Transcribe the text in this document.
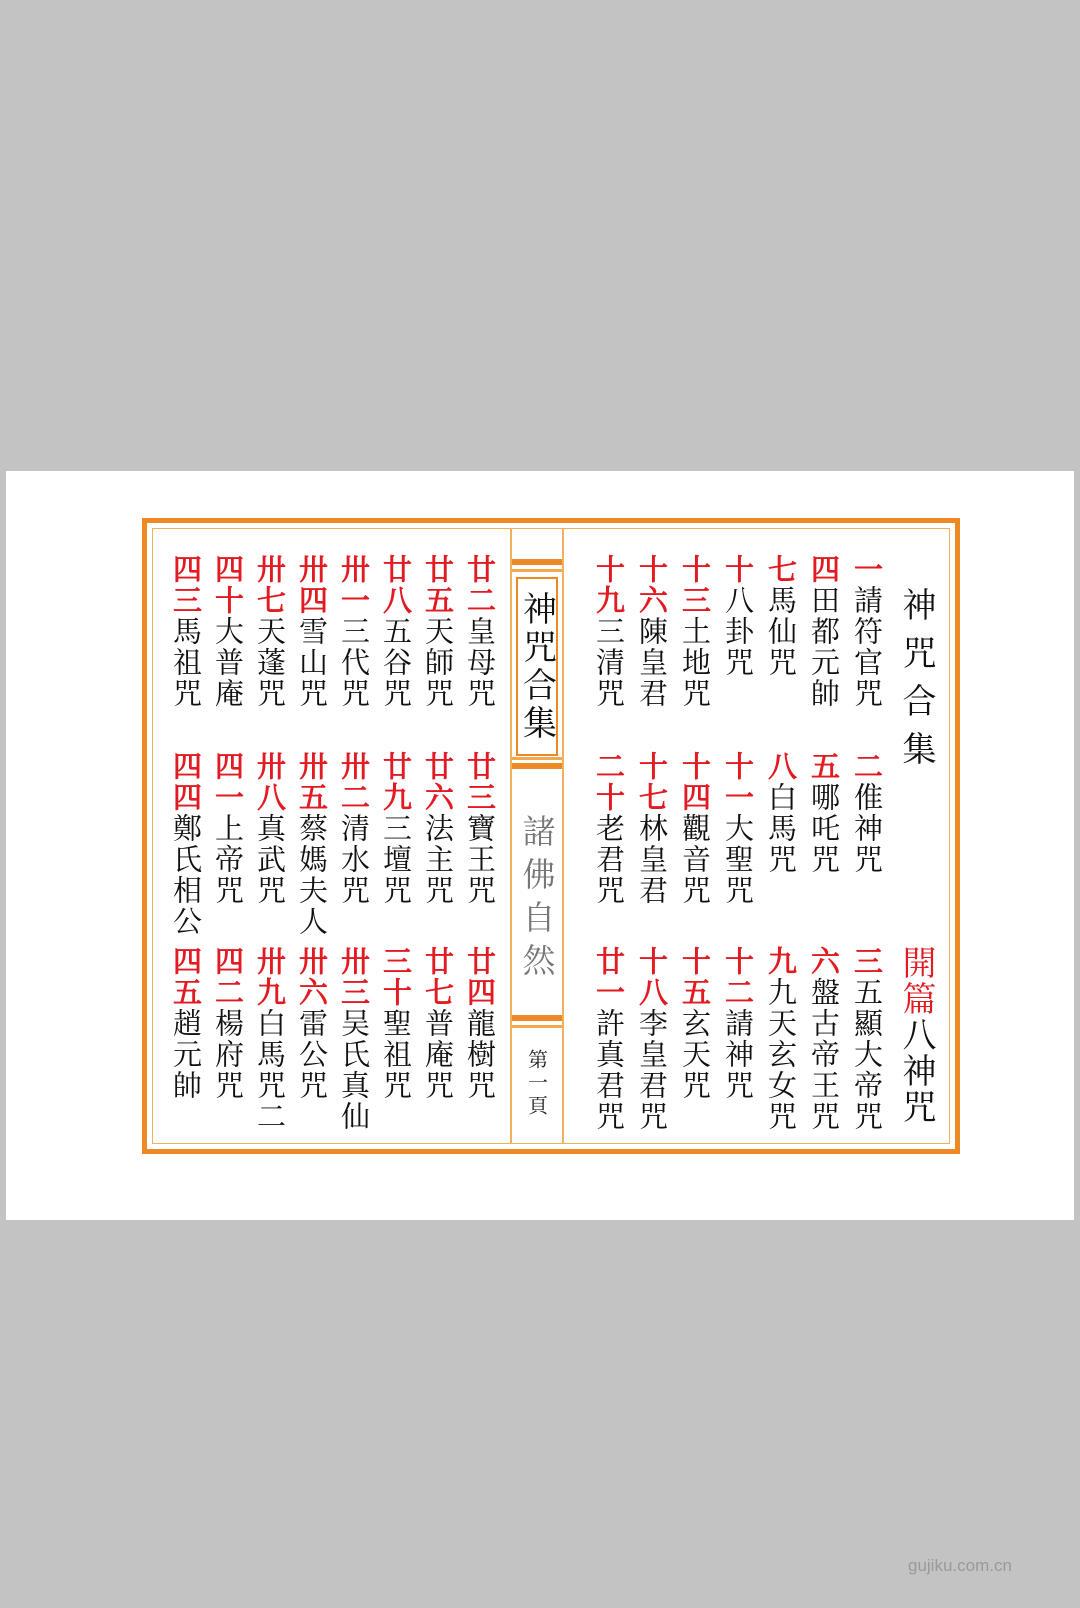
神咒合集
開篇八神咒
神咒合集
諸佛自然
第一頁
一請符官咒
二倠神咒
三五顯大帝咒
四田都元帥
五哪吒咒
六盤古帝王咒
七馬仙咒
八白馬咒
九九天玄女咒
十八卦咒
十一大聖咒
十二請神咒
十三土地咒
十四觀音咒
十五玄天咒
十六陳皇君
十七林皇君
十八李皇君咒
十九三清咒
二十老君咒
廿一許真君咒
廿二皇母咒
廿三寶王咒
廿四龍樹咒
廿五天師咒
廿六法主咒
廿七普庵咒
廿八五谷咒
廿九三壇咒
三十聖祖咒
卅一三代咒
卅二清水咒
卅三吴氏真仙
卅四雪山咒
卅五蔡媽夫人
卅六雷公咒
卅七天蓬咒
卅八真武咒
卅九白馬咒二
四十大普庵
四一上帝咒
四二楊府咒
四三馬祖咒
四四鄭氏相公
四五趙元帥
gujiku.com.cn
